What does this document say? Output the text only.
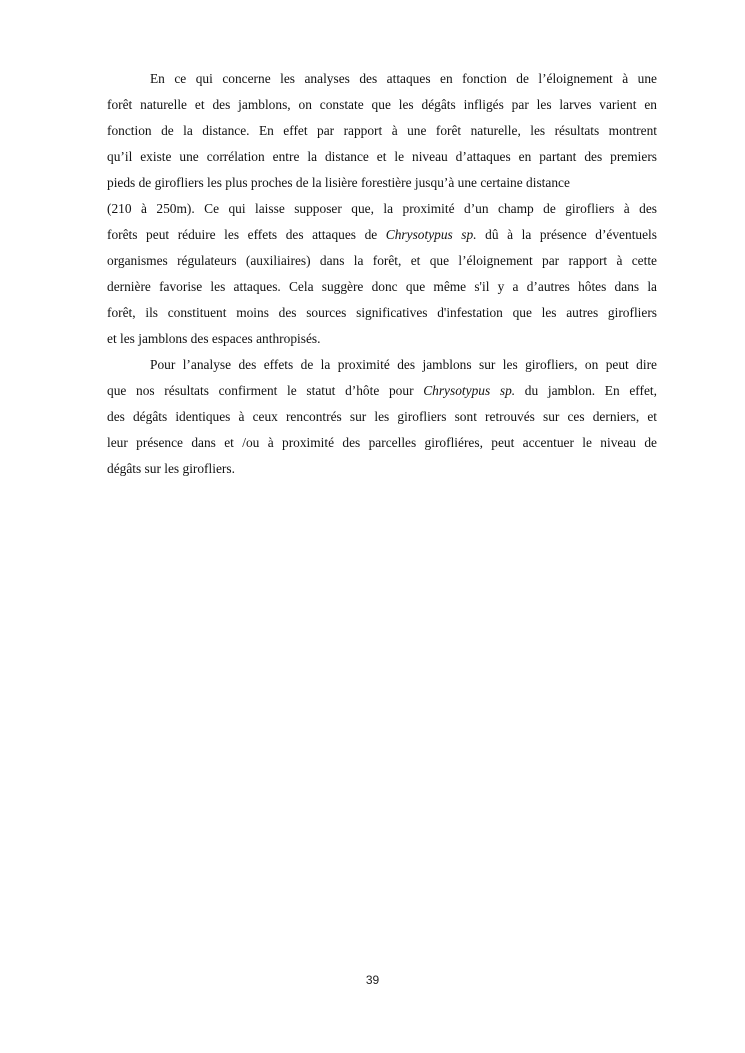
En ce qui concerne les analyses des attaques en fonction de l’éloignement à une
forêt naturelle et des jamblons, on constate que les dégâts infligés par les larves varient en
fonction de la distance. En effet par rapport à une forêt naturelle, les résultats montrent
qu’il existe une corrélation entre la distance et le niveau d’attaques en partant des premiers
pieds de girofliers les plus proches de la lisière forestière jusqu’à une certaine distance
(210 à 250m). Ce qui laisse supposer que, la proximité d’un champ de girofliers à des
forêts peut réduire les effets des attaques de Chrysotypus sp. dû à la présence d’éventuels
organismes régulateurs (auxiliaires) dans la forêt, et que l’éloignement par rapport à cette
dernière favorise les attaques. Cela suggère donc que même s'il y a d’autres hôtes dans la
forêt, ils constituent moins des sources significatives d'infestation que les autres girofliers
et les jamblons des espaces anthropisés.
Pour l’analyse des effets de la proximité des jamblons sur les girofliers, on peut dire
que nos résultats confirment le statut d’hôte pour Chrysotypus sp. du jamblon. En effet,
des dégâts identiques à ceux rencontrés sur les girofliers sont retrouvés sur ces derniers, et
leur présence dans et /ou à proximité des parcelles girofliéres, peut accentuer le niveau de
dégâts sur les girofliers.
39
